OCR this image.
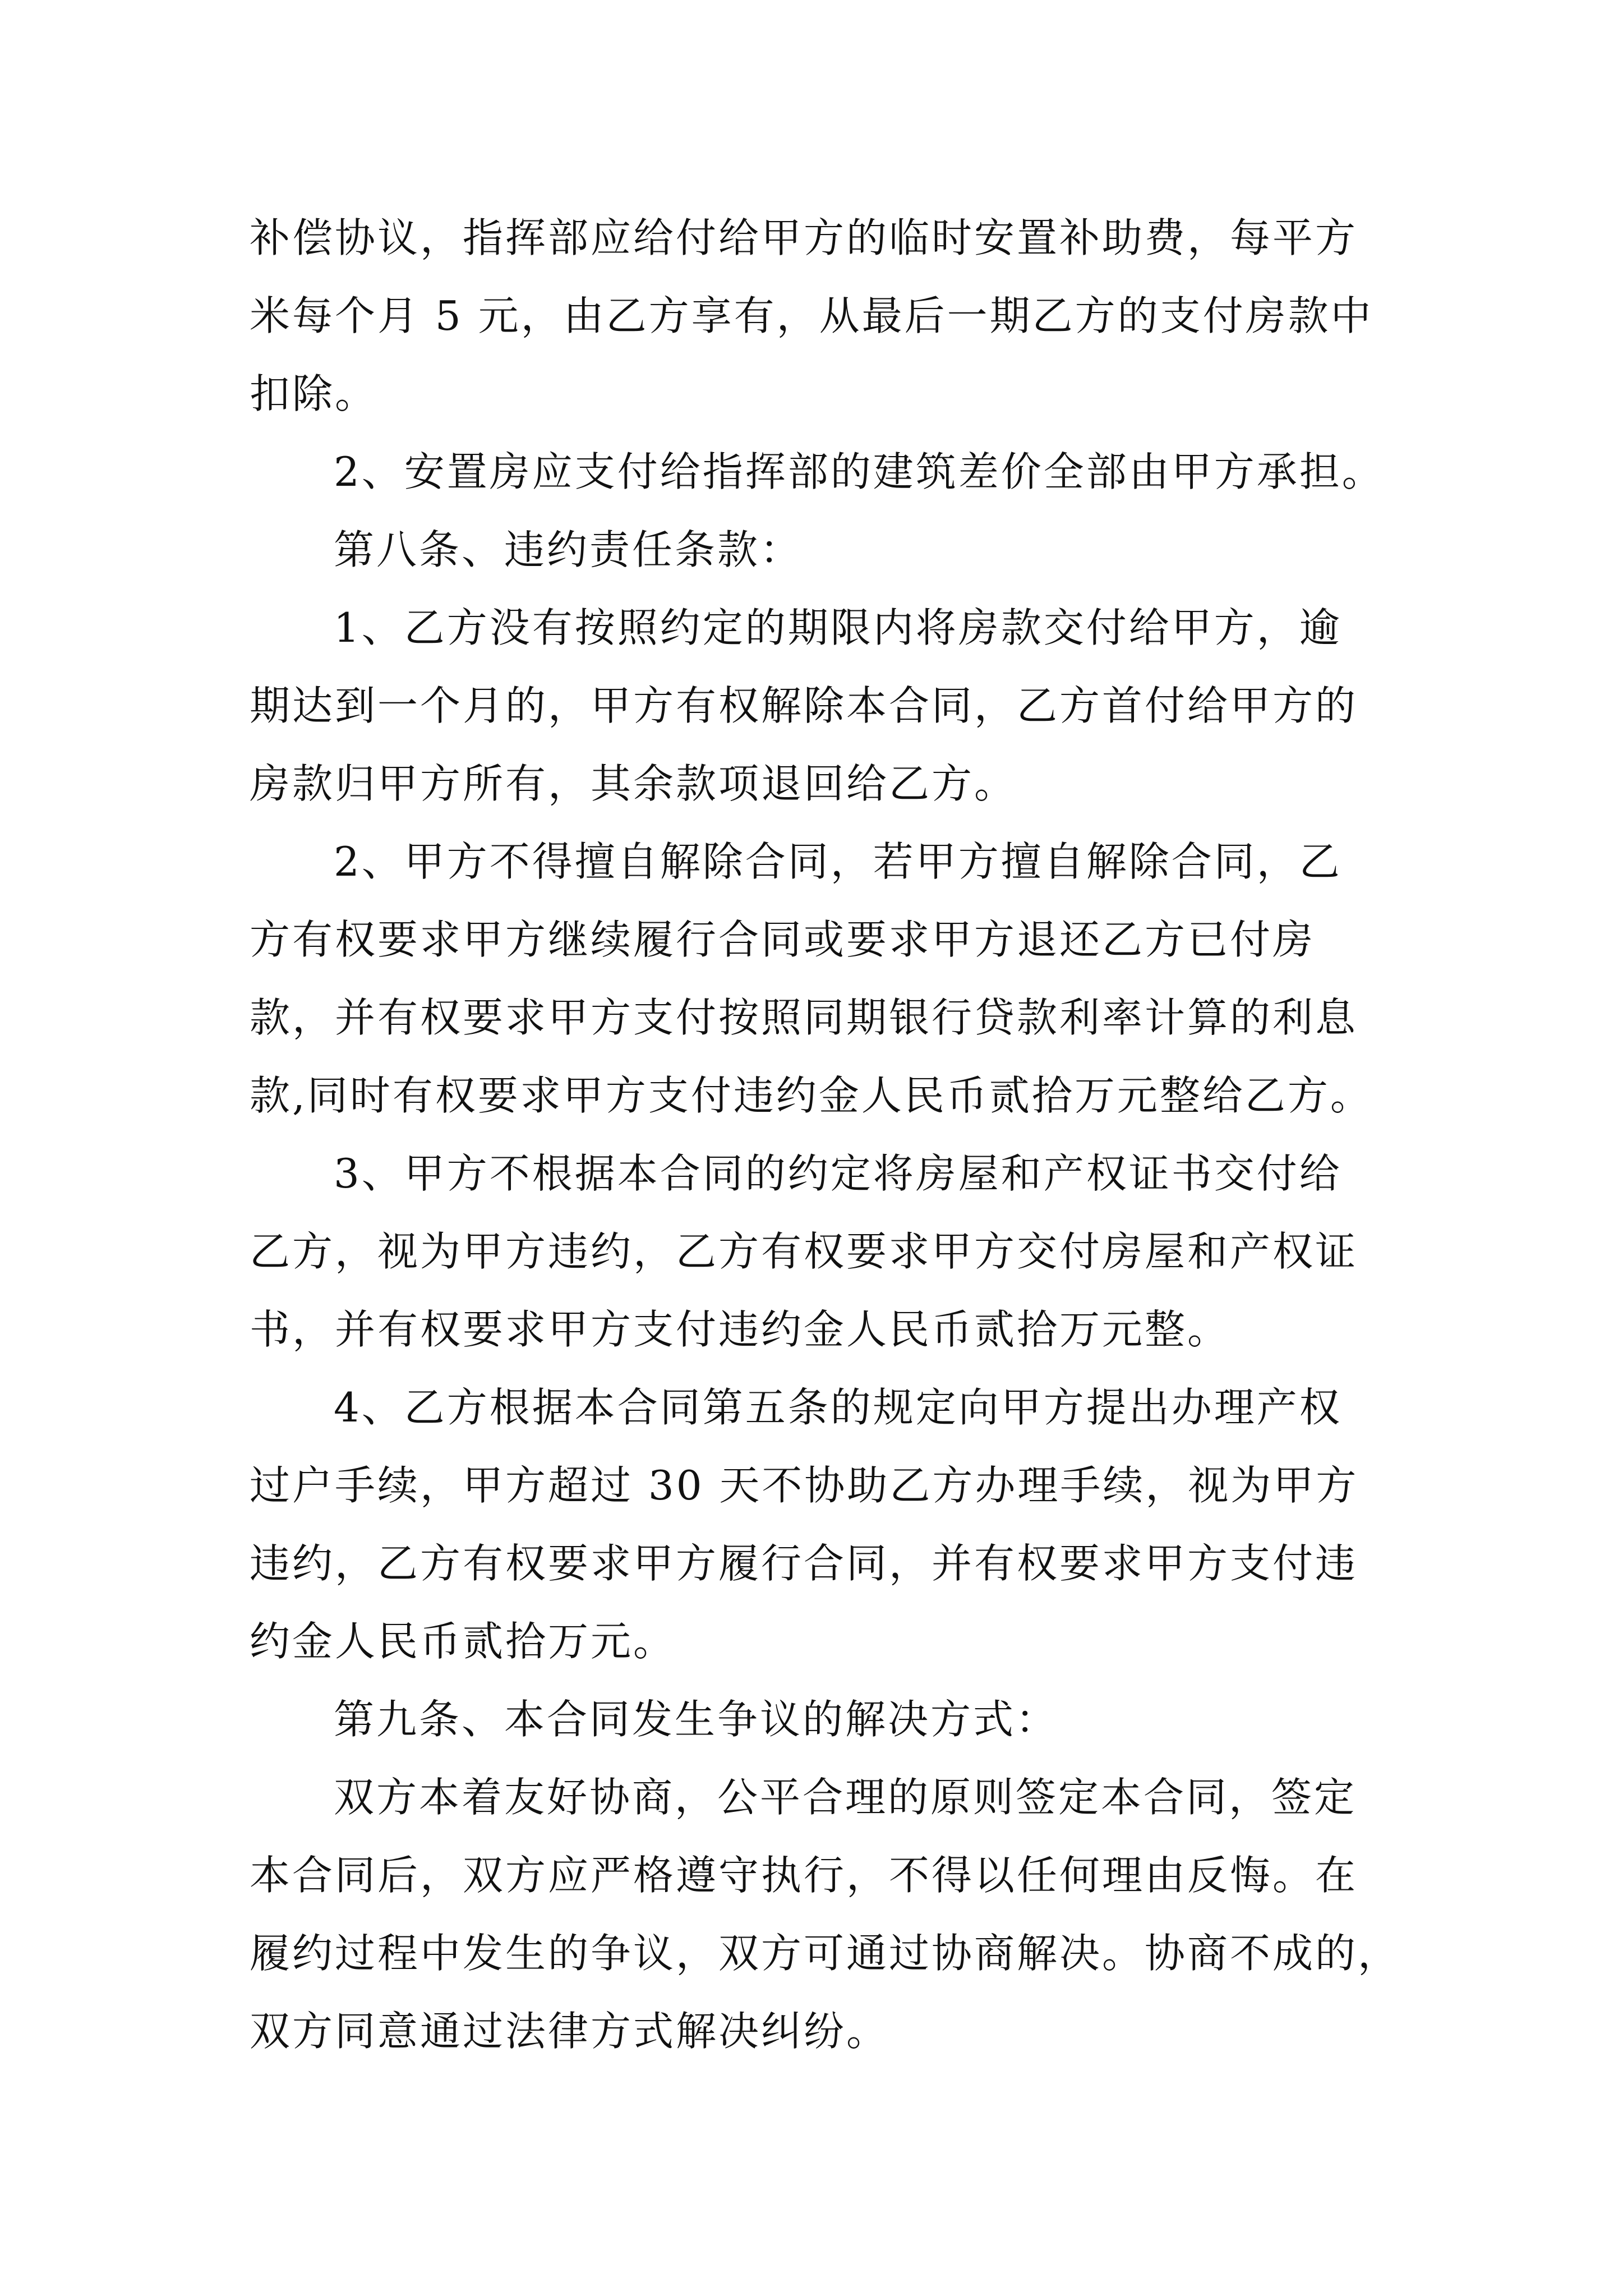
补偿协议，指挥部应给付给甲方的临时安置补助费，每平方
米每个月 5 元，由乙方享有，从最后一期乙方的支付房款中
扣除。
2、安置房应支付给指挥部的建筑差价全部由甲方承担。
第八条、违约责任条款：
1、乙方没有按照约定的期限内将房款交付给甲方，逾
期达到一个月的，甲方有权解除本合同，乙方首付给甲方的
房款归甲方所有，其余款项退回给乙方。
2、甲方不得擅自解除合同，若甲方擅自解除合同，乙
方有权要求甲方继续履行合同或要求甲方退还乙方已付房
款，并有权要求甲方支付按照同期银行贷款利率计算的利息
款,同时有权要求甲方支付违约金人民币贰拾万元整给乙方。
3、甲方不根据本合同的约定将房屋和产权证书交付给
乙方，视为甲方违约，乙方有权要求甲方交付房屋和产权证
书，并有权要求甲方支付违约金人民币贰拾万元整。
4、乙方根据本合同第五条的规定向甲方提出办理产权
过户手续，甲方超过 30 天不协助乙方办理手续，视为甲方
违约，乙方有权要求甲方履行合同，并有权要求甲方支付违
约金人民币贰拾万元。
第九条、本合同发生争议的解决方式：
双方本着友好协商，公平合理的原则签定本合同，签定
本合同后，双方应严格遵守执行，不得以任何理由反悔。在
履约过程中发生的争议，双方可通过协商解决。协商不成的，
双方同意通过法律方式解决纠纷。
